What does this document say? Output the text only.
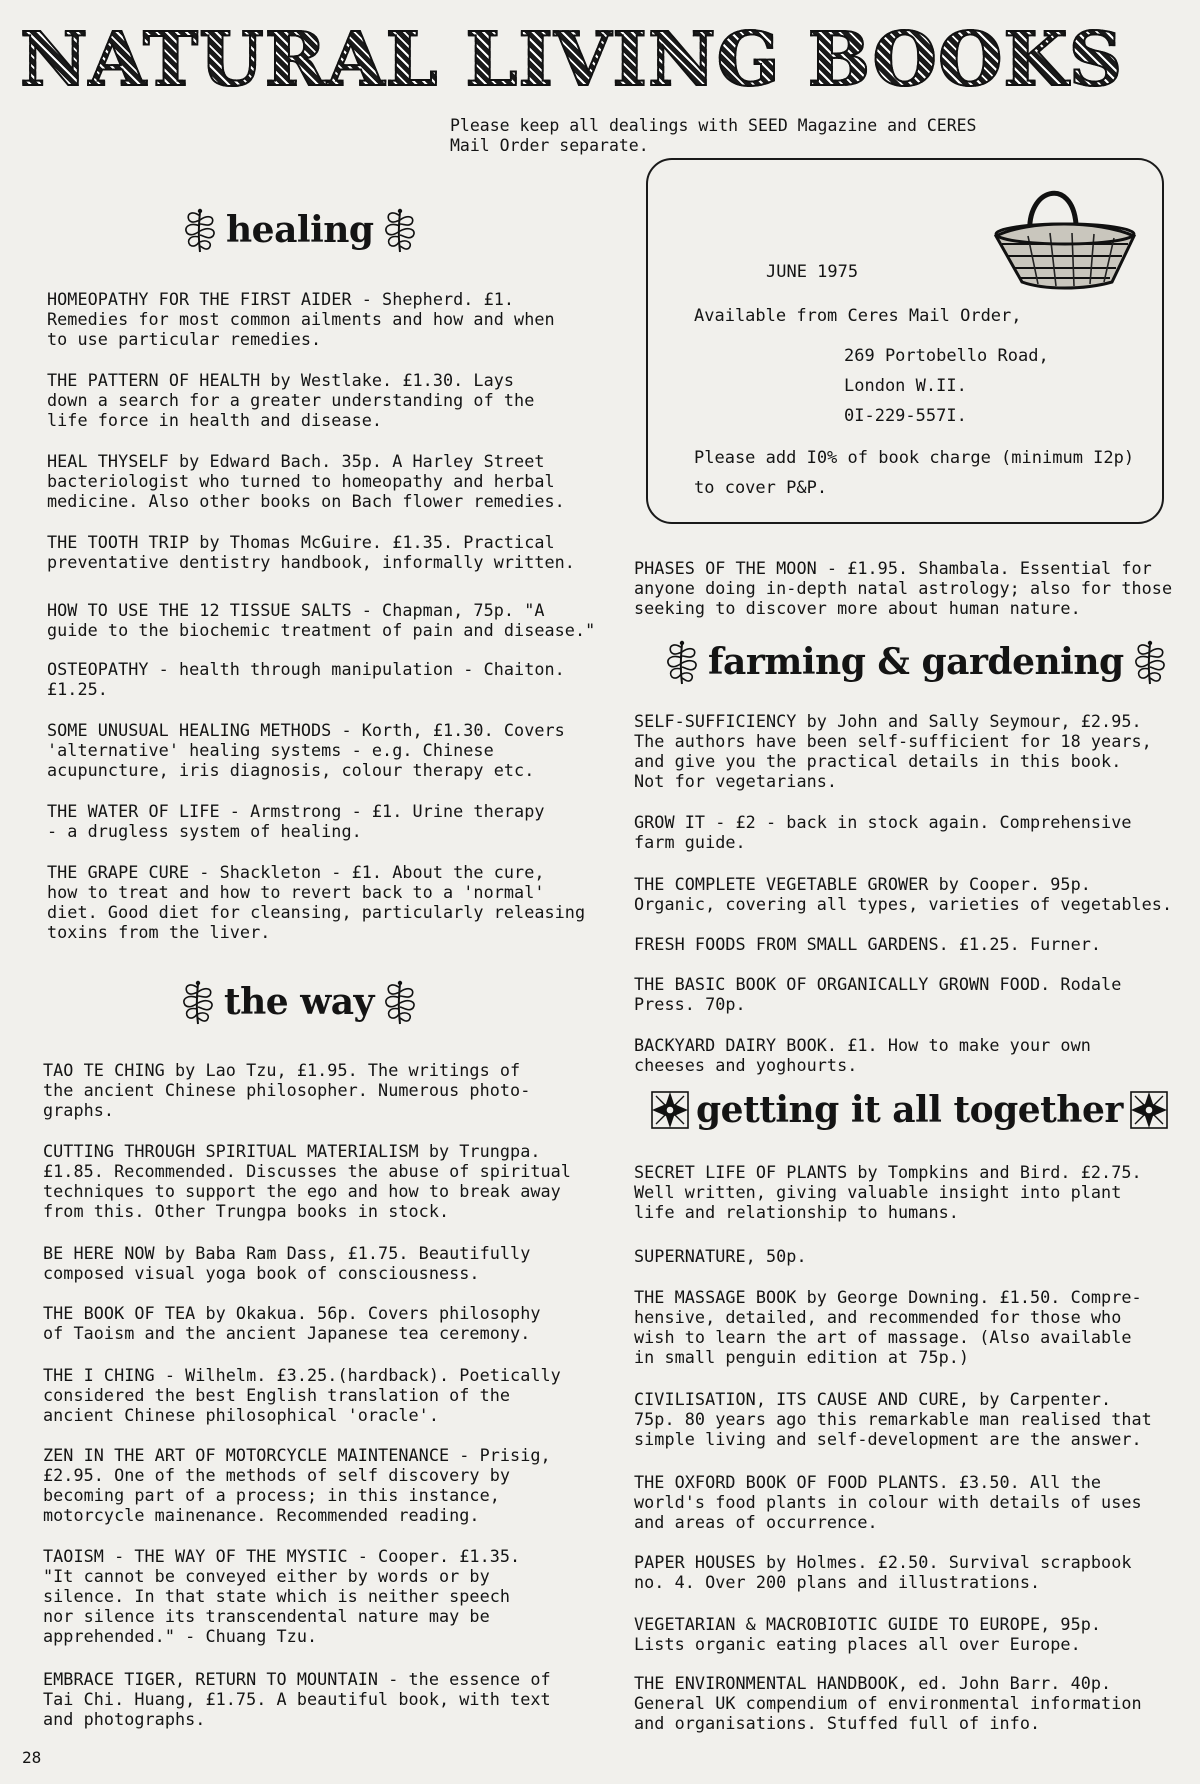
NATURAL LIVING BOOKS
Please keep all dealings with SEED Magazine and CERES
Mail Order separate.
JUNE 1975
Available from Ceres Mail Order,
269 Portobello Road,
London W.II.
0I-229-557I.
Please add I0% of book charge (minimum I2p)
to cover P&P.
healing
HOMEOPATHY FOR THE FIRST AIDER - Shepherd. £1.
Remedies for most common ailments and how and when
to use particular remedies.
THE PATTERN OF HEALTH by Westlake. £1.30. Lays
down a search for a greater understanding of the
life force in health and disease.
HEAL THYSELF by Edward Bach. 35p. A Harley Street
bacteriologist who turned to homeopathy and herbal
medicine. Also other books on Bach flower remedies.
THE TOOTH TRIP by Thomas McGuire. £1.35. Practical
preventative dentistry handbook, informally written.
HOW TO USE THE 12 TISSUE SALTS - Chapman, 75p. "A
guide to the biochemic treatment of pain and disease."
OSTEOPATHY - health through manipulation - Chaiton.
£1.25.
SOME UNUSUAL HEALING METHODS - Korth, £1.30. Covers
'alternative' healing systems - e.g. Chinese
acupuncture, iris diagnosis, colour therapy etc.
THE WATER OF LIFE - Armstrong - £1. Urine therapy
- a drugless system of healing.
THE GRAPE CURE - Shackleton - £1. About the cure,
how to treat and how to revert back to a 'normal'
diet. Good diet for cleansing, particularly releasing
toxins from the liver.
the way
TAO TE CHING by Lao Tzu, £1.95. The writings of
the ancient Chinese philosopher. Numerous photo-
graphs.
CUTTING THROUGH SPIRITUAL MATERIALISM by Trungpa.
£1.85. Recommended. Discusses the abuse of spiritual
techniques to support the ego and how to break away
from this. Other Trungpa books in stock.
BE HERE NOW by Baba Ram Dass, £1.75. Beautifully
composed visual yoga book of consciousness.
THE BOOK OF TEA by Okakua. 56p. Covers philosophy
of Taoism and the ancient Japanese tea ceremony.
THE I CHING - Wilhelm. £3.25.(hardback). Poetically
considered the best English translation of the
ancient Chinese philosophical 'oracle'.
ZEN IN THE ART OF MOTORCYCLE MAINTENANCE - Prisig,
£2.95. One of the methods of self discovery by
becoming part of a process; in this instance,
motorcycle mainenance. Recommended reading.
TAOISM - THE WAY OF THE MYSTIC - Cooper. £1.35.
"It cannot be conveyed either by words or by
silence. In that state which is neither speech
nor silence its transcendental nature may be
apprehended." - Chuang Tzu.
EMBRACE TIGER, RETURN TO MOUNTAIN - the essence of
Tai Chi. Huang, £1.75. A beautiful book, with text
and photographs.
PHASES OF THE MOON - £1.95. Shambala. Essential for
anyone doing in-depth natal astrology; also for those
seeking to discover more about human nature.
farming & gardening
SELF-SUFFICIENCY by John and Sally Seymour, £2.95.
The authors have been self-sufficient for 18 years,
and give you the practical details in this book.
Not for vegetarians.
GROW IT - £2 - back in stock again. Comprehensive
farm guide.
THE COMPLETE VEGETABLE GROWER by Cooper. 95p.
Organic, covering all types, varieties of vegetables.
FRESH FOODS FROM SMALL GARDENS. £1.25. Furner.
THE BASIC BOOK OF ORGANICALLY GROWN FOOD. Rodale
Press. 70p.
BACKYARD DAIRY BOOK. £1. How to make your own
cheeses and yoghourts.
getting it all together
SECRET LIFE OF PLANTS by Tompkins and Bird. £2.75.
Well written, giving valuable insight into plant
life and relationship to humans.
SUPERNATURE, 50p.
THE MASSAGE BOOK by George Downing. £1.50. Compre-
hensive, detailed, and recommended for those who
wish to learn the art of massage. (Also available
in small penguin edition at 75p.)
CIVILISATION, ITS CAUSE AND CURE, by Carpenter.
75p. 80 years ago this remarkable man realised that
simple living and self-development are the answer.
THE OXFORD BOOK OF FOOD PLANTS. £3.50. All the
world's food plants in colour with details of uses
and areas of occurrence.
PAPER HOUSES by Holmes. £2.50. Survival scrapbook
no. 4. Over 200 plans and illustrations.
VEGETARIAN & MACROBIOTIC GUIDE TO EUROPE, 95p.
Lists organic eating places all over Europe.
THE ENVIRONMENTAL HANDBOOK, ed. John Barr. 40p.
General UK compendium of environmental information
and organisations. Stuffed full of info.
28
